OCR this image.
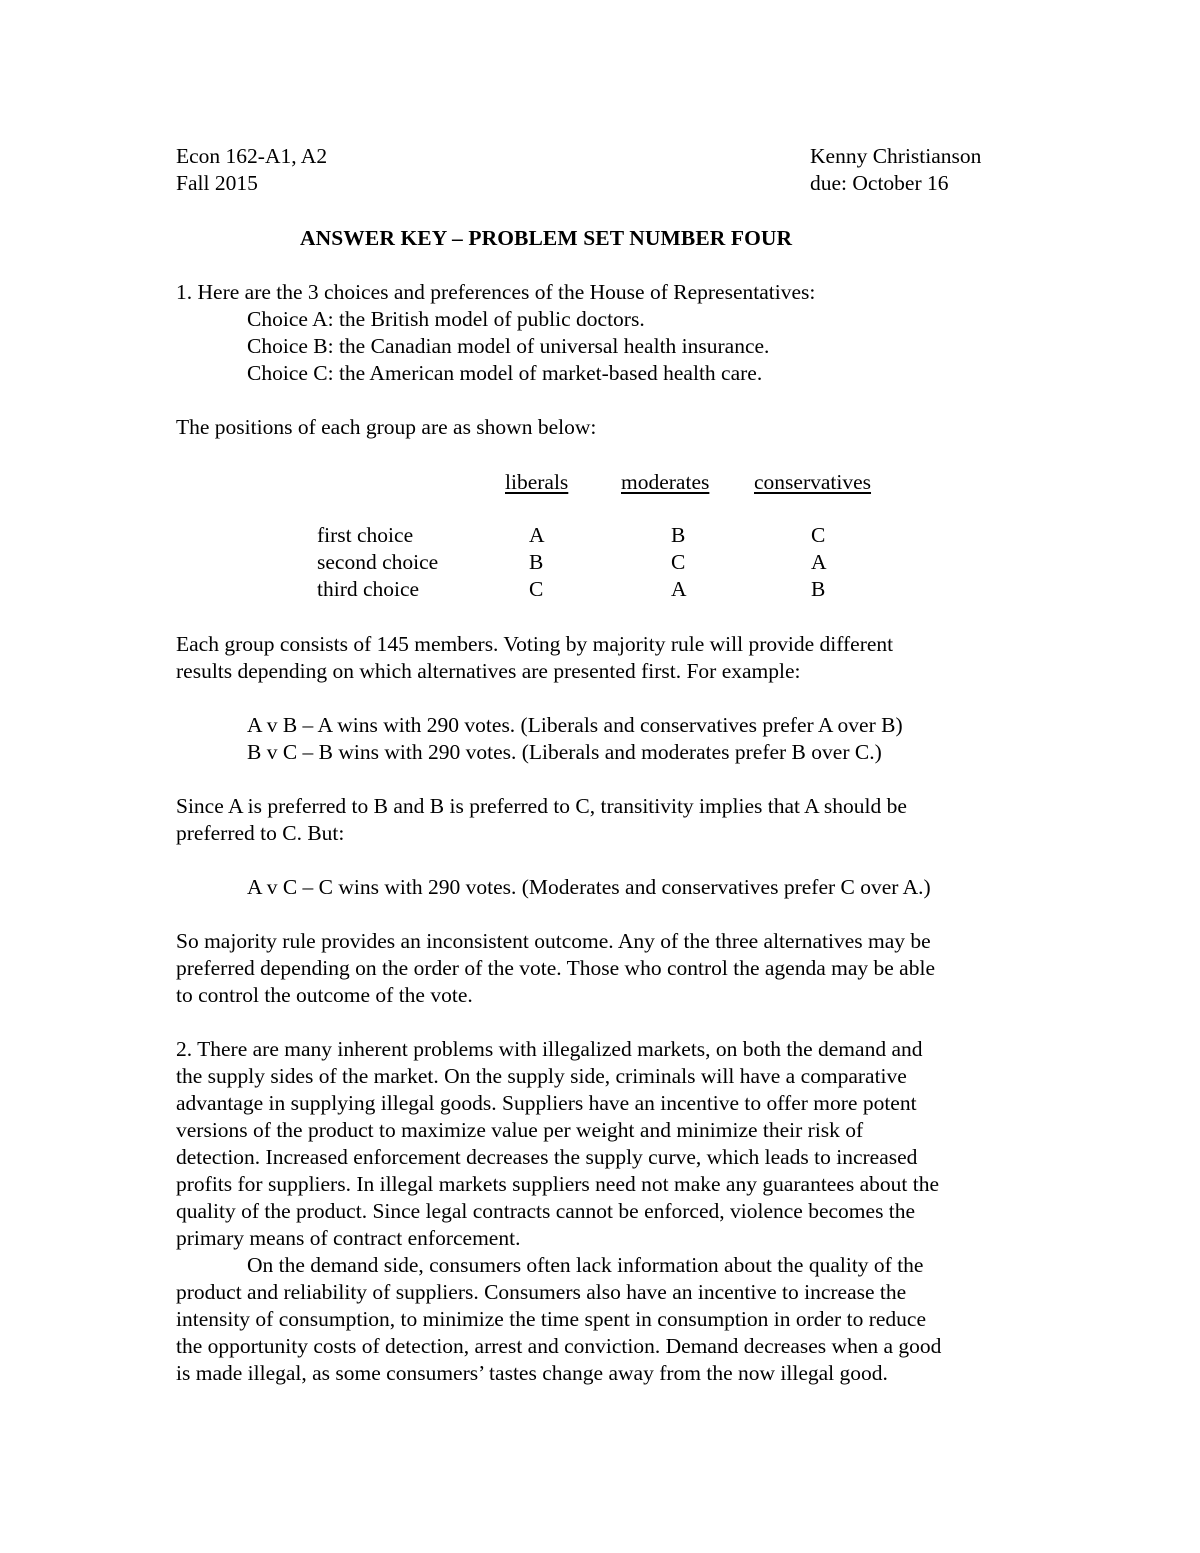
Econ 162-A1, A2
Fall 2015
Kenny Christianson
due: October 16
ANSWER KEY – PROBLEM SET NUMBER FOUR
1. Here are the 3 choices and preferences of the House of Representatives:
Choice A: the British model of public doctors.
Choice B: the Canadian model of universal health insurance.
Choice C: the American model of market-based health care.
The positions of each group are as shown below:
liberals moderates conservatives
first choice	A	B	C
second choice	B	C	A
third choice	C	A	B
Each group consists of 145 members. Voting by majority rule will provide different
results depending on which alternatives are presented first. For example:
A v B – A wins with 290 votes. (Liberals and conservatives prefer A over B)
B v C – B wins with 290 votes. (Liberals and moderates prefer B over C.)
Since A is preferred to B and B is preferred to C, transitivity implies that A should be
preferred to C. But:
A v C – C wins with 290 votes. (Moderates and conservatives prefer C over A.)
So majority rule provides an inconsistent outcome. Any of the three alternatives may be
preferred depending on the order of the vote. Those who control the agenda may be able
to control the outcome of the vote.
2. There are many inherent problems with illegalized markets, on both the demand and
the supply sides of the market. On the supply side, criminals will have a comparative
advantage in supplying illegal goods. Suppliers have an incentive to offer more potent
versions of the product to maximize value per weight and minimize their risk of
detection. Increased enforcement decreases the supply curve, which leads to increased
profits for suppliers. In illegal markets suppliers need not make any guarantees about the
quality of the product. Since legal contracts cannot be enforced, violence becomes the
primary means of contract enforcement.
On the demand side, consumers often lack information about the quality of the
product and reliability of suppliers. Consumers also have an incentive to increase the
intensity of consumption, to minimize the time spent in consumption in order to reduce
the opportunity costs of detection, arrest and conviction. Demand decreases when a good
is made illegal, as some consumers’ tastes change away from the now illegal good.
